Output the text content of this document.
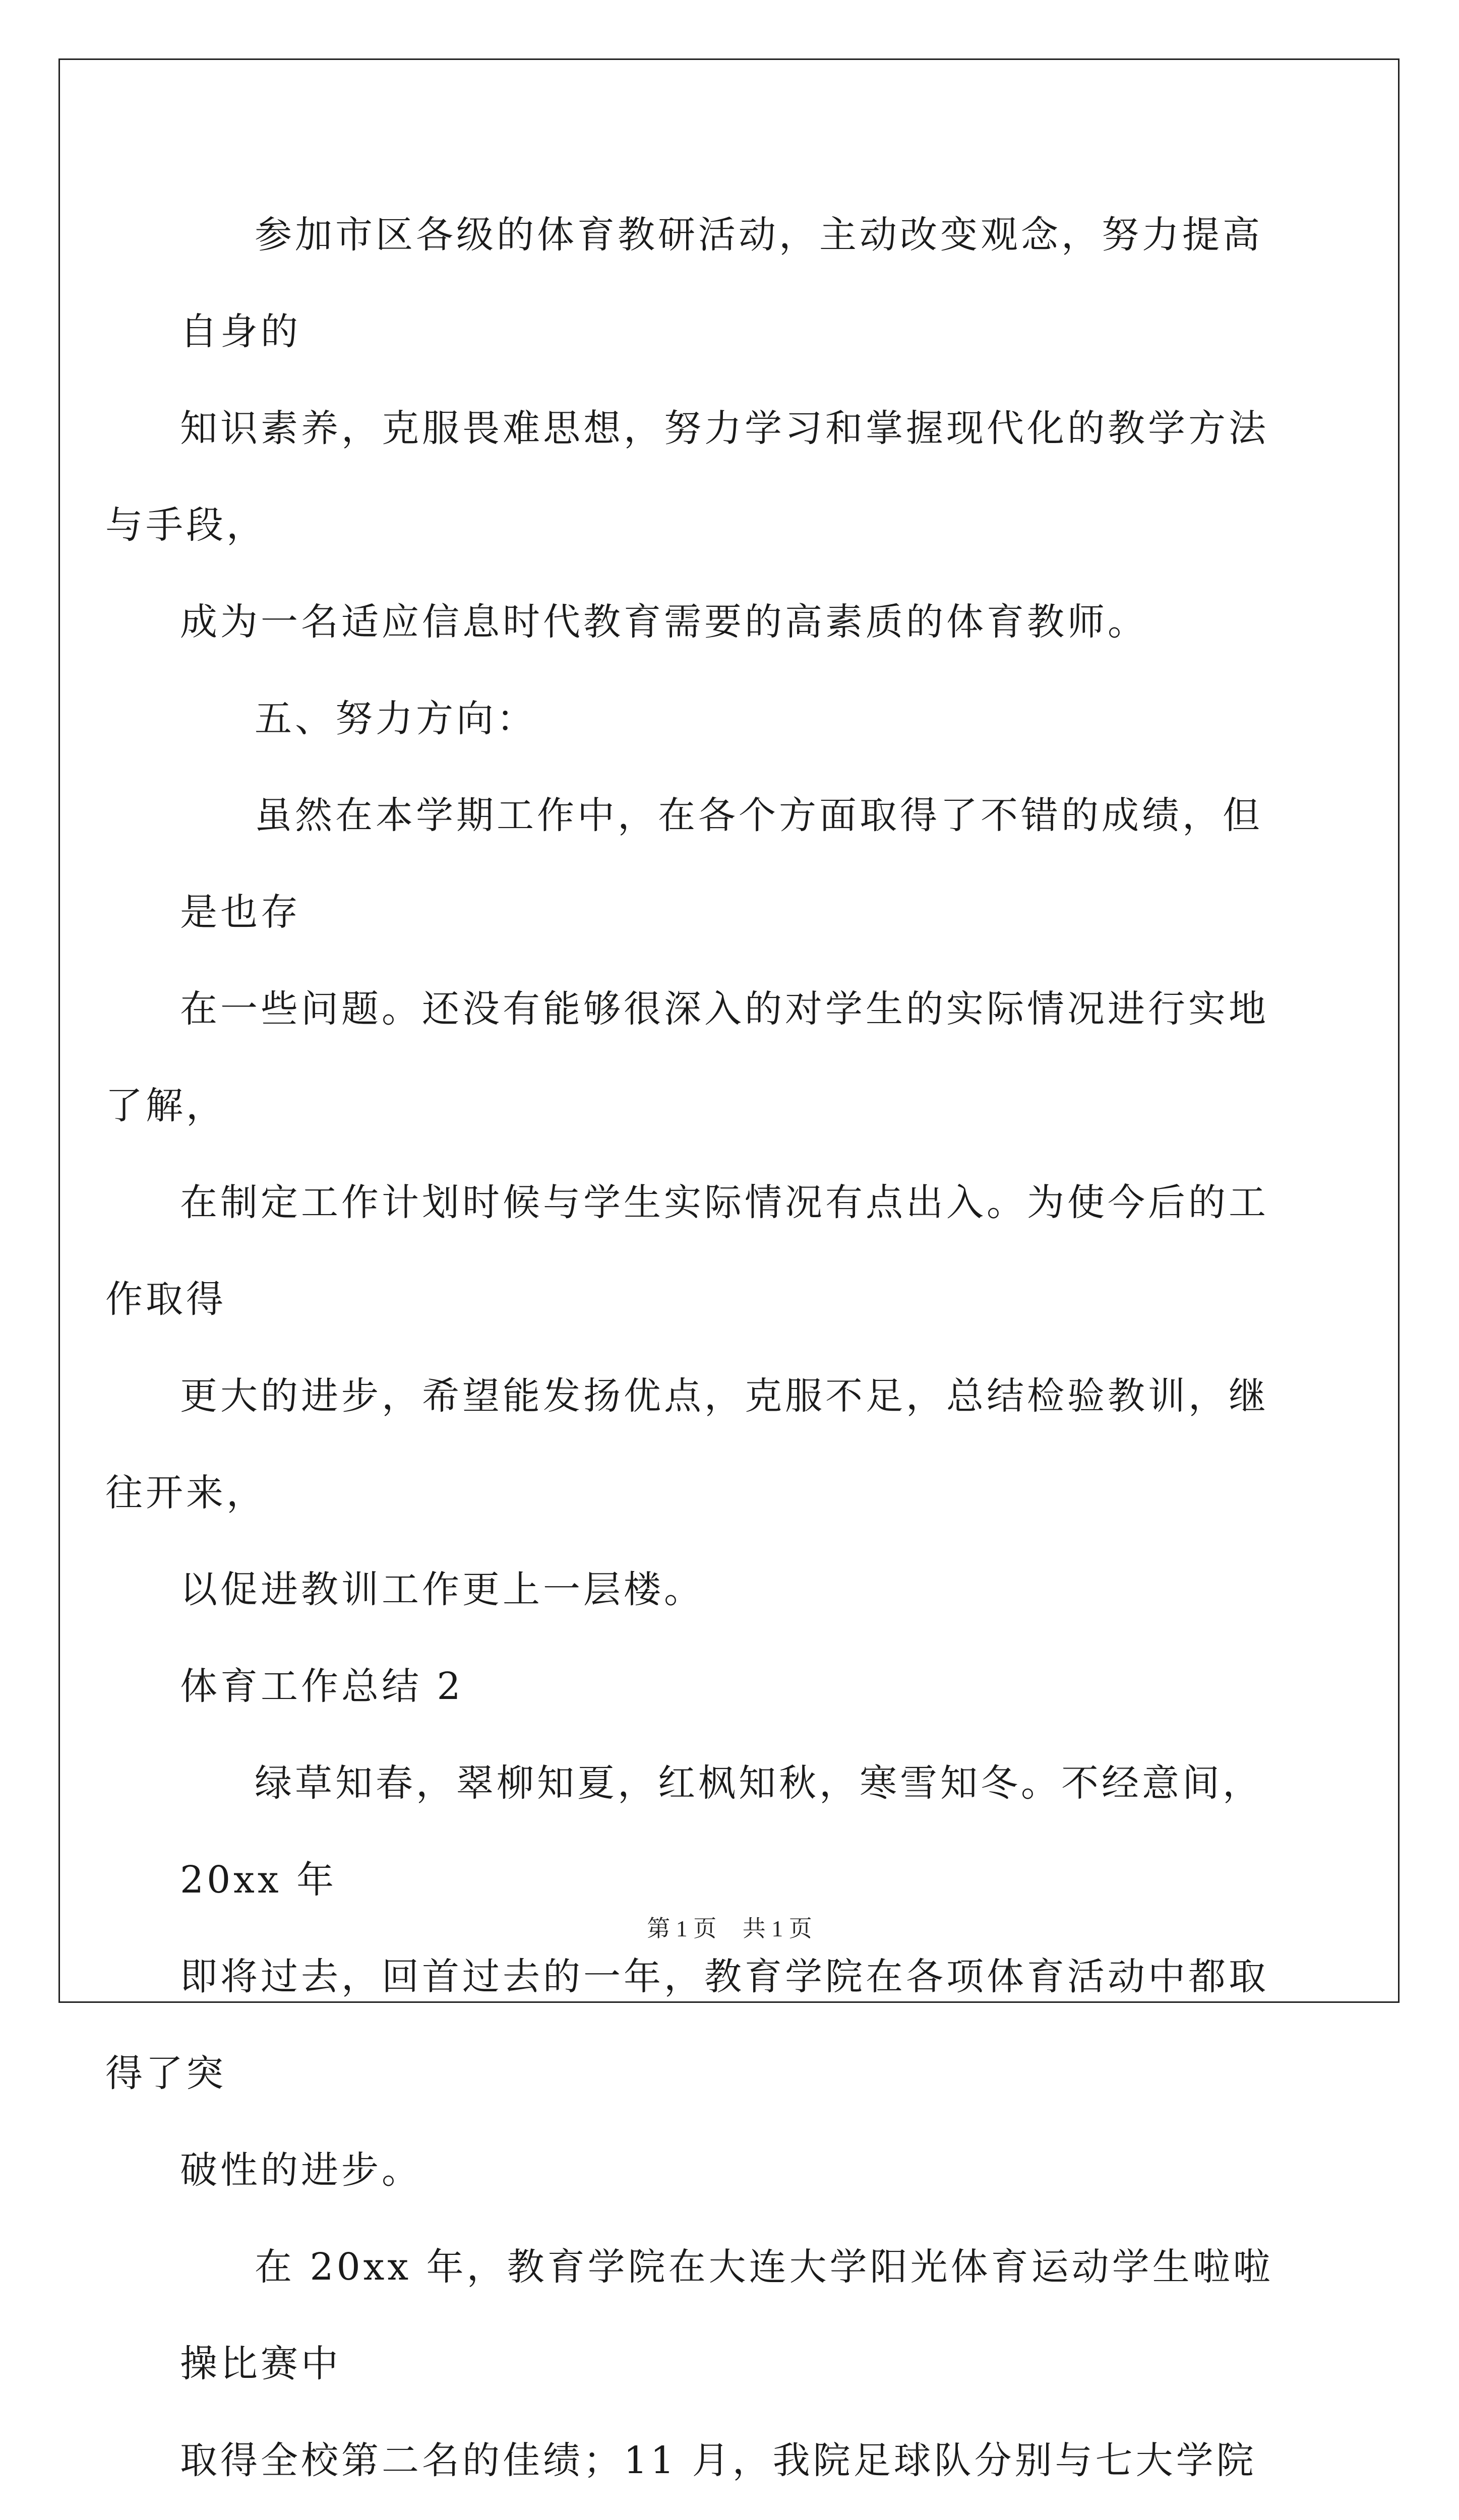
参加市区各级的体育教研活动，主动改变观念，努力提高自身的
知识素养，克服畏难思想，努力学习和掌握现代化的教学方法与手段，
成为一名适应信息时代教育需要的高素质的体育教师。

五、努力方向：

虽然在本学期工作中，在各个方面取得了不错的成绩，但是也存
在一些问题。还没有能够很深入的对学生的实际情况进行实地了解，
在制定工作计划时候与学生实际情况有点出入。为使今后的工作取得
更大的进步，希望能发扬优点，克服不足，总结检验教训，继往开来，
以促进教训工作更上一层楼。

体育工作总结 2

绿草知春，翠柳知夏，红枫知秋，寒雪知冬。不经意间，20xx 年
即将过去，回首过去的一年，教育学院在各项体育活动中都取得了突
破性的进步。

在 20xx 年，教育学院在大连大学阳光体育运动学生啦啦操比赛中
取得全校第二名的佳绩；11 月，我院足球队分别与七大学院

第 1 页 共 1 页
